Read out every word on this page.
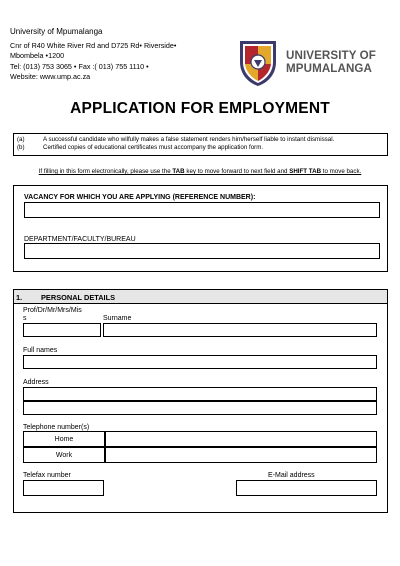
University of Mpumalanga
Cnr of R40 White River Rd and D725 Rd• Riverside•
Mbombela •1200
Tel: (013) 753 3065 • Fax :( 013) 755 1110 •
Website: www.ump.ac.za
UNIVERSITY OF
MPUMALANGA
APPLICATION FOR EMPLOYMENT
(a)	A successful candidate who wilfully makes a false statement renders him/herself liable to instant dismissal.
(b)	Certified copies of educational certificates must accompany the application form.
If filling in this form electronically, please use the TAB key to move forward to next field and SHIFT TAB to move back.
VACANCY FOR WHICH YOU ARE APPLYING (REFERENCE NUMBER):
DEPARTMENT/FACULTY/BUREAU
1.	PERSONAL DETAILS
Prof/Dr/Mr/Mrs/Mis
s	Surname
Full names
Address
Telephone number(s)
Home
Work
Telefax number	E-Mail address
